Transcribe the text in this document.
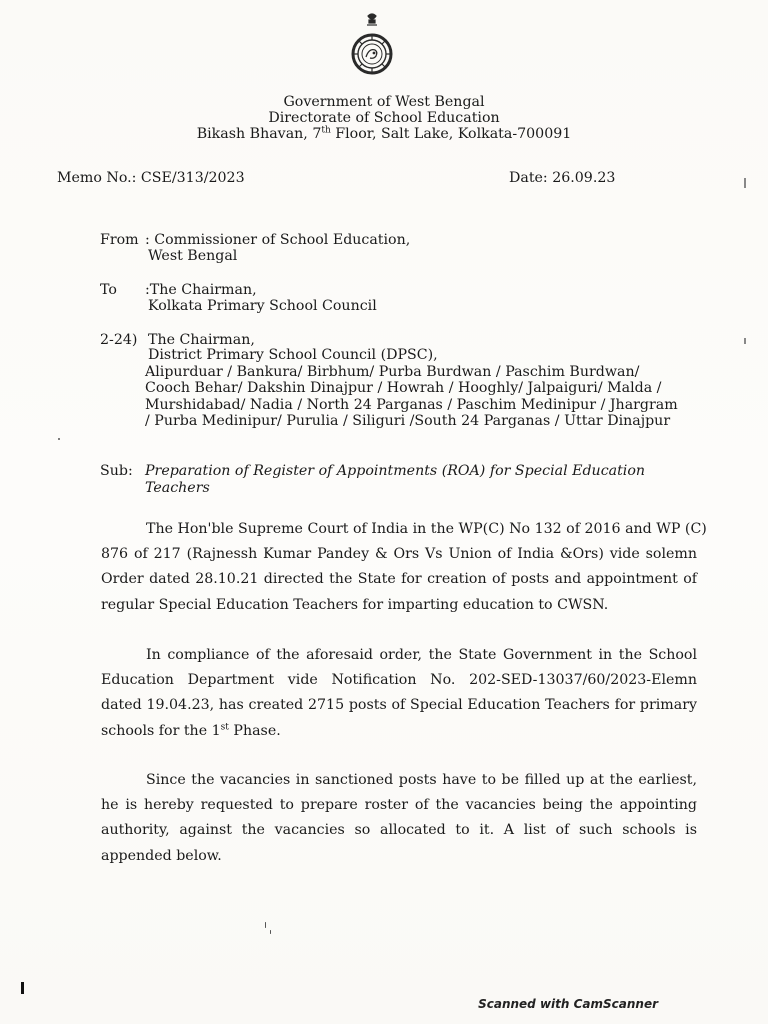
Government of West Bengal
Directorate of School Education
Bikash Bhavan, 7th Floor, Salt Lake, Kolkata-700091
Memo No.: CSE/313/2023	Date: 26.09.23
From : Commissioner of School Education,
West Bengal
To :The Chairman,
Kolkata Primary School Council
2-24) The Chairman,
District Primary School Council (DPSC),
Alipurduar / Bankura/ Birbhum/ Purba Burdwan / Paschim Burdwan/
Cooch Behar/ Dakshin Dinajpur / Howrah / Hooghly/ Jalpaiguri/ Malda /
Murshidabad/ Nadia / North 24 Parganas / Paschim Medinipur / Jhargram
/ Purba Medinipur/ Purulia / Siliguri /South 24 Parganas / Uttar Dinajpur
Sub: Preparation of Register of Appointments (ROA) for Special Education
Teachers
The Hon'ble Supreme Court of India in the WP(C) No 132 of 2016 and WP (C)
876 of 217 (Rajnessh Kumar Pandey & Ors Vs Union of India &Ors) vide solemn
Order dated 28.10.21 directed the State for creation of posts and appointment of
regular Special Education Teachers for imparting education to CWSN.
In compliance of the aforesaid order, the State Government in the School
Education Department vide Notification No. 202-SED-13037/60/2023-Elemn
dated 19.04.23, has created 2715 posts of Special Education Teachers for primary
schools for the 1st Phase.
Since the vacancies in sanctioned posts have to be filled up at the earliest,
he is hereby requested to prepare roster of the vacancies being the appointing
authority, against the vacancies so allocated to it. A list of such schools is
appended below.
Scanned with CamScanner
